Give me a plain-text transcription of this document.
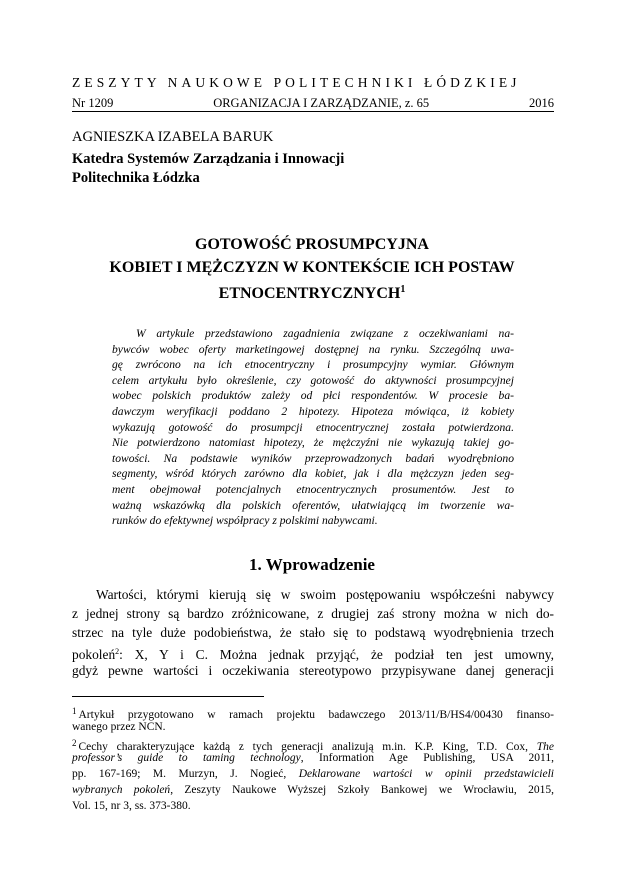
ZESZYTY NAUKOWE POLITECHNIKI ŁÓDZKIEJ
Nr 1209	ORGANIZACJA I ZARZĄDZANIE, z. 65	2016
AGNIESZKA IZABELA BARUK
Katedra Systemów Zarządzania i Innowacji
Politechnika Łódzka
GOTOWOŚĆ PROSUMPCYJNA
KOBIET I MĘŻCZYZN W KONTEKŚCIE ICH POSTAW
ETNOCENTRYCZNYCH$^1$
W artykule przedstawiono zagadnienia związane z oczekiwaniami na-
bywców wobec oferty marketingowej dostępnej na rynku. Szczególną uwa-
gę zwrócono na ich etnocentryczny i prosumpcyjny wymiar. Głównym
celem artykułu było określenie, czy gotowość do aktywności prosumpcyjnej
wobec polskich produktów zależy od płci respondentów. W procesie ba-
dawczym weryfikacji poddano 2 hipotezy. Hipoteza mówiąca, iż kobiety
wykazują gotowość do prosumpcji etnocentrycznej została potwierdzona.
Nie potwierdzono natomiast hipotezy, że mężczyźni nie wykazują takiej go-
towości. Na podstawie wyników przeprowadzonych badań wyodrębniono
segmenty, wśród których zarówno dla kobiet, jak i dla mężczyzn jeden seg-
ment obejmował potencjalnych etnocentrycznych prosumentów. Jest to
ważną wskazówką dla polskich oferentów, ułatwiającą im tworzenie wa-
runków do efektywnej współpracy z polskimi nabywcami.
1. Wprowadzenie
Wartości, którymi kierują się w swoim postępowaniu współcześni nabywcy
z jednej strony są bardzo zróżnicowane, z drugiej zaś strony można w nich do-
strzec na tyle duże podobieństwa, że stało się to podstawą wyodrębnienia trzech
pokoleń$^2$: X, Y i C. Można jednak przyjąć, że podział ten jest umowny,
gdyż pewne wartości i oczekiwania stereotypowo przypisywane danej generacji
$^1$ Artykuł przygotowano w ramach projektu badawczego 2013/11/B/HS4/00430 finanso-
wanego przez NCN.
$^2$ Cechy charakteryzujące każdą z tych generacji analizują m.in. K.P. King, T.D. Cox, The
professor’s guide to taming technology, Information Age Publishing, USA 2011,
pp. 167-169; M. Murzyn, J. Nogieć, Deklarowane wartości w opinii przedstawicieli
wybranych pokoleń, Zeszyty Naukowe Wyższej Szkoły Bankowej we Wrocławiu, 2015,
Vol. 15, nr 3, ss. 373-380.
